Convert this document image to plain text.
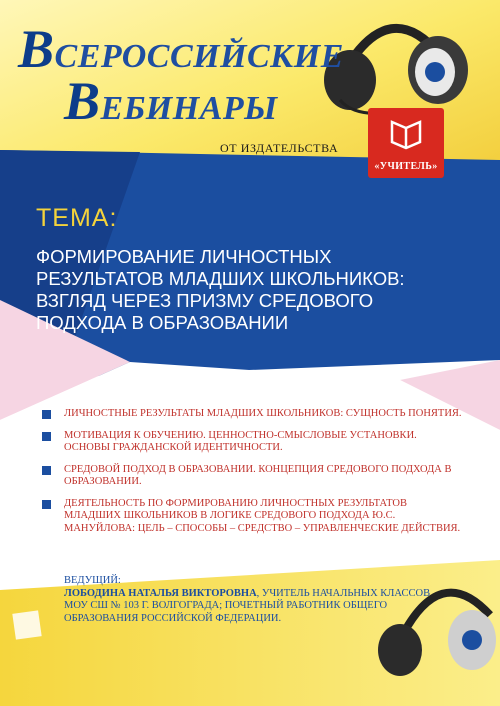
ВСЕРОССИЙСКИЕ
ВЕБИНАРЫ
ОТ ИЗДАТЕЛЬСТВА
«УЧИТЕЛЬ»
ТЕМА:
ФОРМИРОВАНИЕ ЛИЧНОСТНЫХ РЕЗУЛЬТАТОВ МЛАДШИХ ШКОЛЬНИКОВ: ВЗГЛЯД ЧЕРЕЗ ПРИЗМУ СРЕДОВОГО ПОДХОДА В ОБРАЗОВАНИИ
ЛИЧНОСТНЫЕ РЕЗУЛЬТАТЫ МЛАДШИХ ШКОЛЬНИКОВ: СУЩНОСТЬ ПОНЯТИЯ.
МОТИВАЦИЯ К ОБУЧЕНИЮ. ЦЕННОСТНО-СМЫСЛОВЫЕ УСТАНОВКИ. ОСНОВЫ ГРАЖДАНСКОЙ ИДЕНТИЧНОСТИ.
СРЕДОВОЙ ПОДХОД В ОБРАЗОВАНИИ. КОНЦЕПЦИЯ СРЕДОВОГО ПОДХОДА В ОБРАЗОВАНИИ.
ДЕЯТЕЛЬНОСТЬ ПО ФОРМИРОВАНИЮ ЛИЧНОСТНЫХ РЕЗУЛЬТАТОВ МЛАДШИХ ШКОЛЬНИКОВ В ЛОГИКЕ СРЕДОВОГО ПОДХОДА Ю.С. МАНУЙЛОВА: ЦЕЛЬ – СПОСОБЫ – СРЕДСТВО – УПРАВЛЕНЧЕСКИЕ ДЕЙСТВИЯ.
ВЕДУЩИЙ:
ЛОБОДИНА НАТАЛЬЯ ВИКТОРОВНА, УЧИТЕЛЬ НАЧАЛЬНЫХ КЛАССОВ МОУ СШ № 103 Г. ВОЛГОГРАДА; ПОЧЕТНЫЙ РАБОТНИК ОБЩЕГО ОБРАЗОВАНИЯ РОССИЙСКОЙ ФЕДЕРАЦИИ.
